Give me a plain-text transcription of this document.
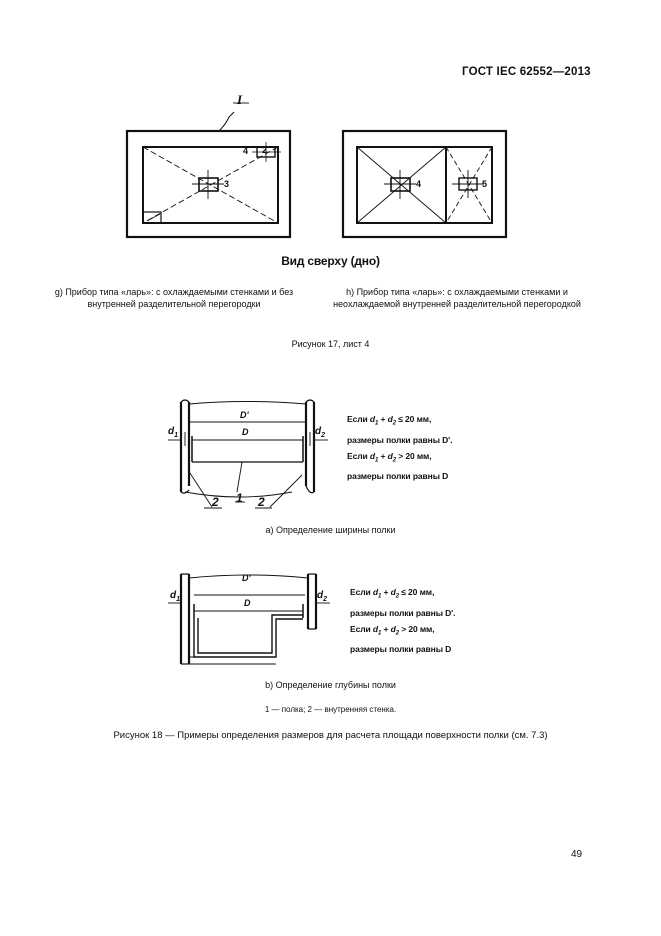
ГОСТ IEC 62552—2013
I
4 2
3	4	5
Вид сверху (дно)
g) Прибор типа «ларь»: с охлаждаемыми стенками и без внутренней разделительной перегородки
h) Прибор типа «ларь»: с охлаждаемыми стенками и неохлаждаемой внутренней разделительной перегородкой
Рисунок 17, лист 4
$d_1$	$d_2$
D'
D
1
2	2
Если $d_1 + d_2 \le 20$ мм,
размеры полки равны D'.
Если $d_1 + d_2 > 20$ мм,
размеры полки равны D
a) Определение ширины полки
$d_1$	$d_2$
D'
D
Если $d_1 + d_2 \le 20$ мм,
размеры полки равны D'.
Если $d_1 + d_2 > 20$ мм,
размеры полки равны D
b) Определение глубины полки
1 — полка; 2 — внутренняя стенка.
Рисунок 18 — Примеры определения размеров для расчета площади поверхности полки (см. 7.3)
49
